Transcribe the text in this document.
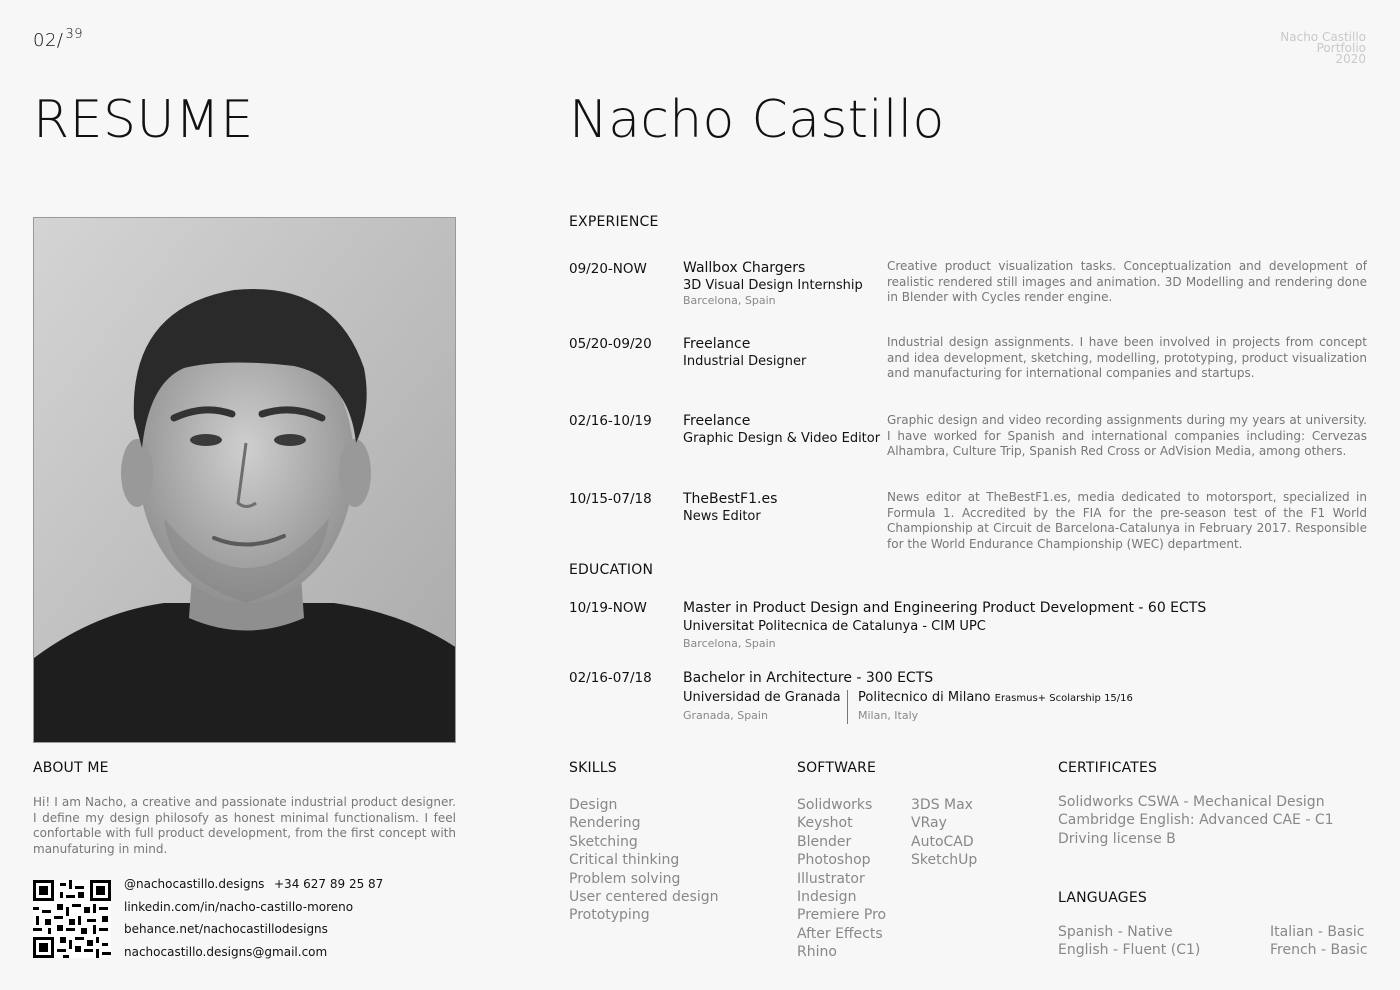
02/ $^{39}$	Nacho Castillo
Portfolio
2020
RESUME	Nacho Castillo
ABOUT ME
Hi! I am Nacho, a creative and passionate industrial product designer. I define my design philosofy as honest minimal functionalism. I feel confortable with full product development, from the first concept with manufaturing in mind.
@nachocastillo.designs +34 627 89 25 87
linkedin.com/in/nacho-castillo-moreno
behance.net/nachocastillodesigns
nachocastillo.designs@gmail.com
EXPERIENCE
09/20-NOW	Wallbox Chargers
3D Visual Design Internship
Barcelona, Spain
Creative product visualization tasks. Conceptualization and development of realistic rendered still images and animation. 3D Modelling and rendering done in Blender with Cycles render engine.
05/20-09/20 Freelance
Industrial Designer
Industrial design assignments. I have been involved in projects from concept and idea development, sketching, modelling, prototyping, product visualization and manufacturing for international companies and startups.
02/16-10/19 Freelance
Graphic Design & Video Editor
Graphic design and video recording assignments during my years at university. I have worked for Spanish and international companies including: Cervezas Alhambra, Culture Trip, Spanish Red Cross or AdVision Media, among others.
10/15-07/18 TheBestF1.es
News Editor
News editor at TheBestF1.es, media dedicated to motorsport, specialized in Formula 1. Accredited by the FIA for the pre-season test of the F1 World Championship at Circuit de Barcelona-Catalunya in February 2017. Responsible for the World Endurance Championship (WEC) department.
EDUCATION
10/19-NOW	Master in Product Design and Engineering Product Development - 60 ECTS
Universitat Politecnica de Catalunya - CIM UPC
Barcelona, Spain
02/16-07/18 Bachelor in Architecture - 300 ECTS
Universidad de Granada
Granada, Spain
Politecnico di Milano Erasmus+ Scolarship 15/16
Milan, Italy
SKILLS
Design
Rendering
Sketching
Critical thinking
Problem solving
User centered design
Prototyping
SOFTWARE
Solidworks
Keyshot
Blender
Photoshop
Illustrator
Indesign
Premiere Pro
After Effects
Rhino
3DS Max
VRay
AutoCAD
SketchUp
CERTIFICATES
Solidworks CSWA - Mechanical Design
Cambridge English: Advanced CAE - C1
Driving license B
LANGUAGES
Spanish - Native
English - Fluent (C1)
Italian - Basic
French - Basic
